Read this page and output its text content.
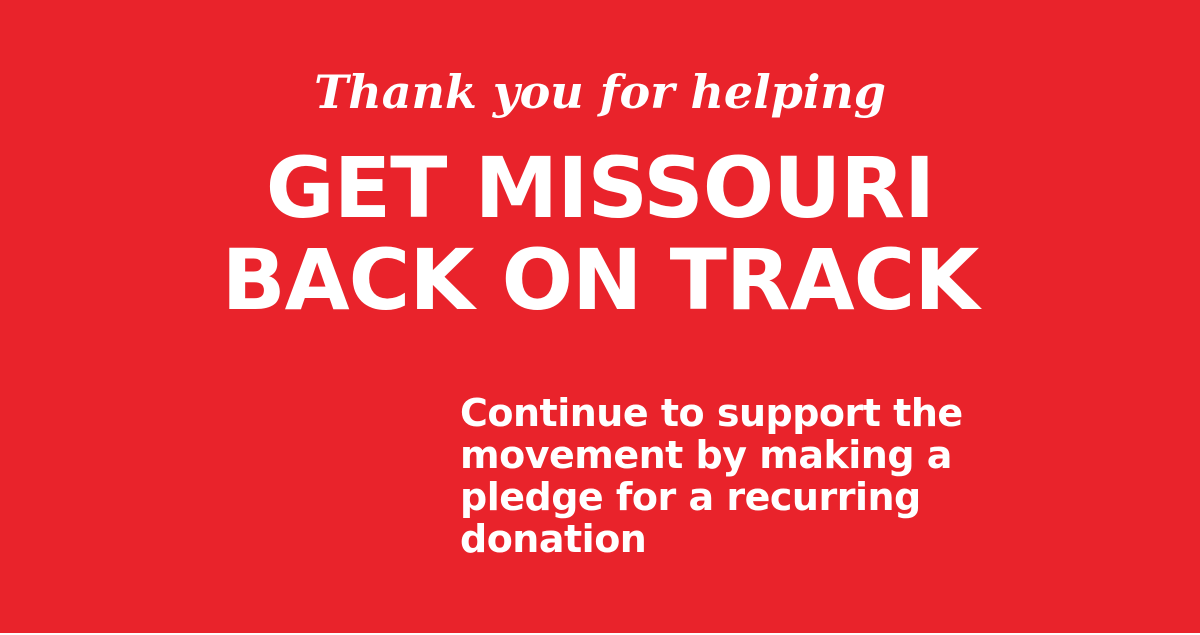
Thank you for helping

GET MISSOURI
BACK ON TRACK

Continue to support the
movement by making a
pledge for a recurring
donation
